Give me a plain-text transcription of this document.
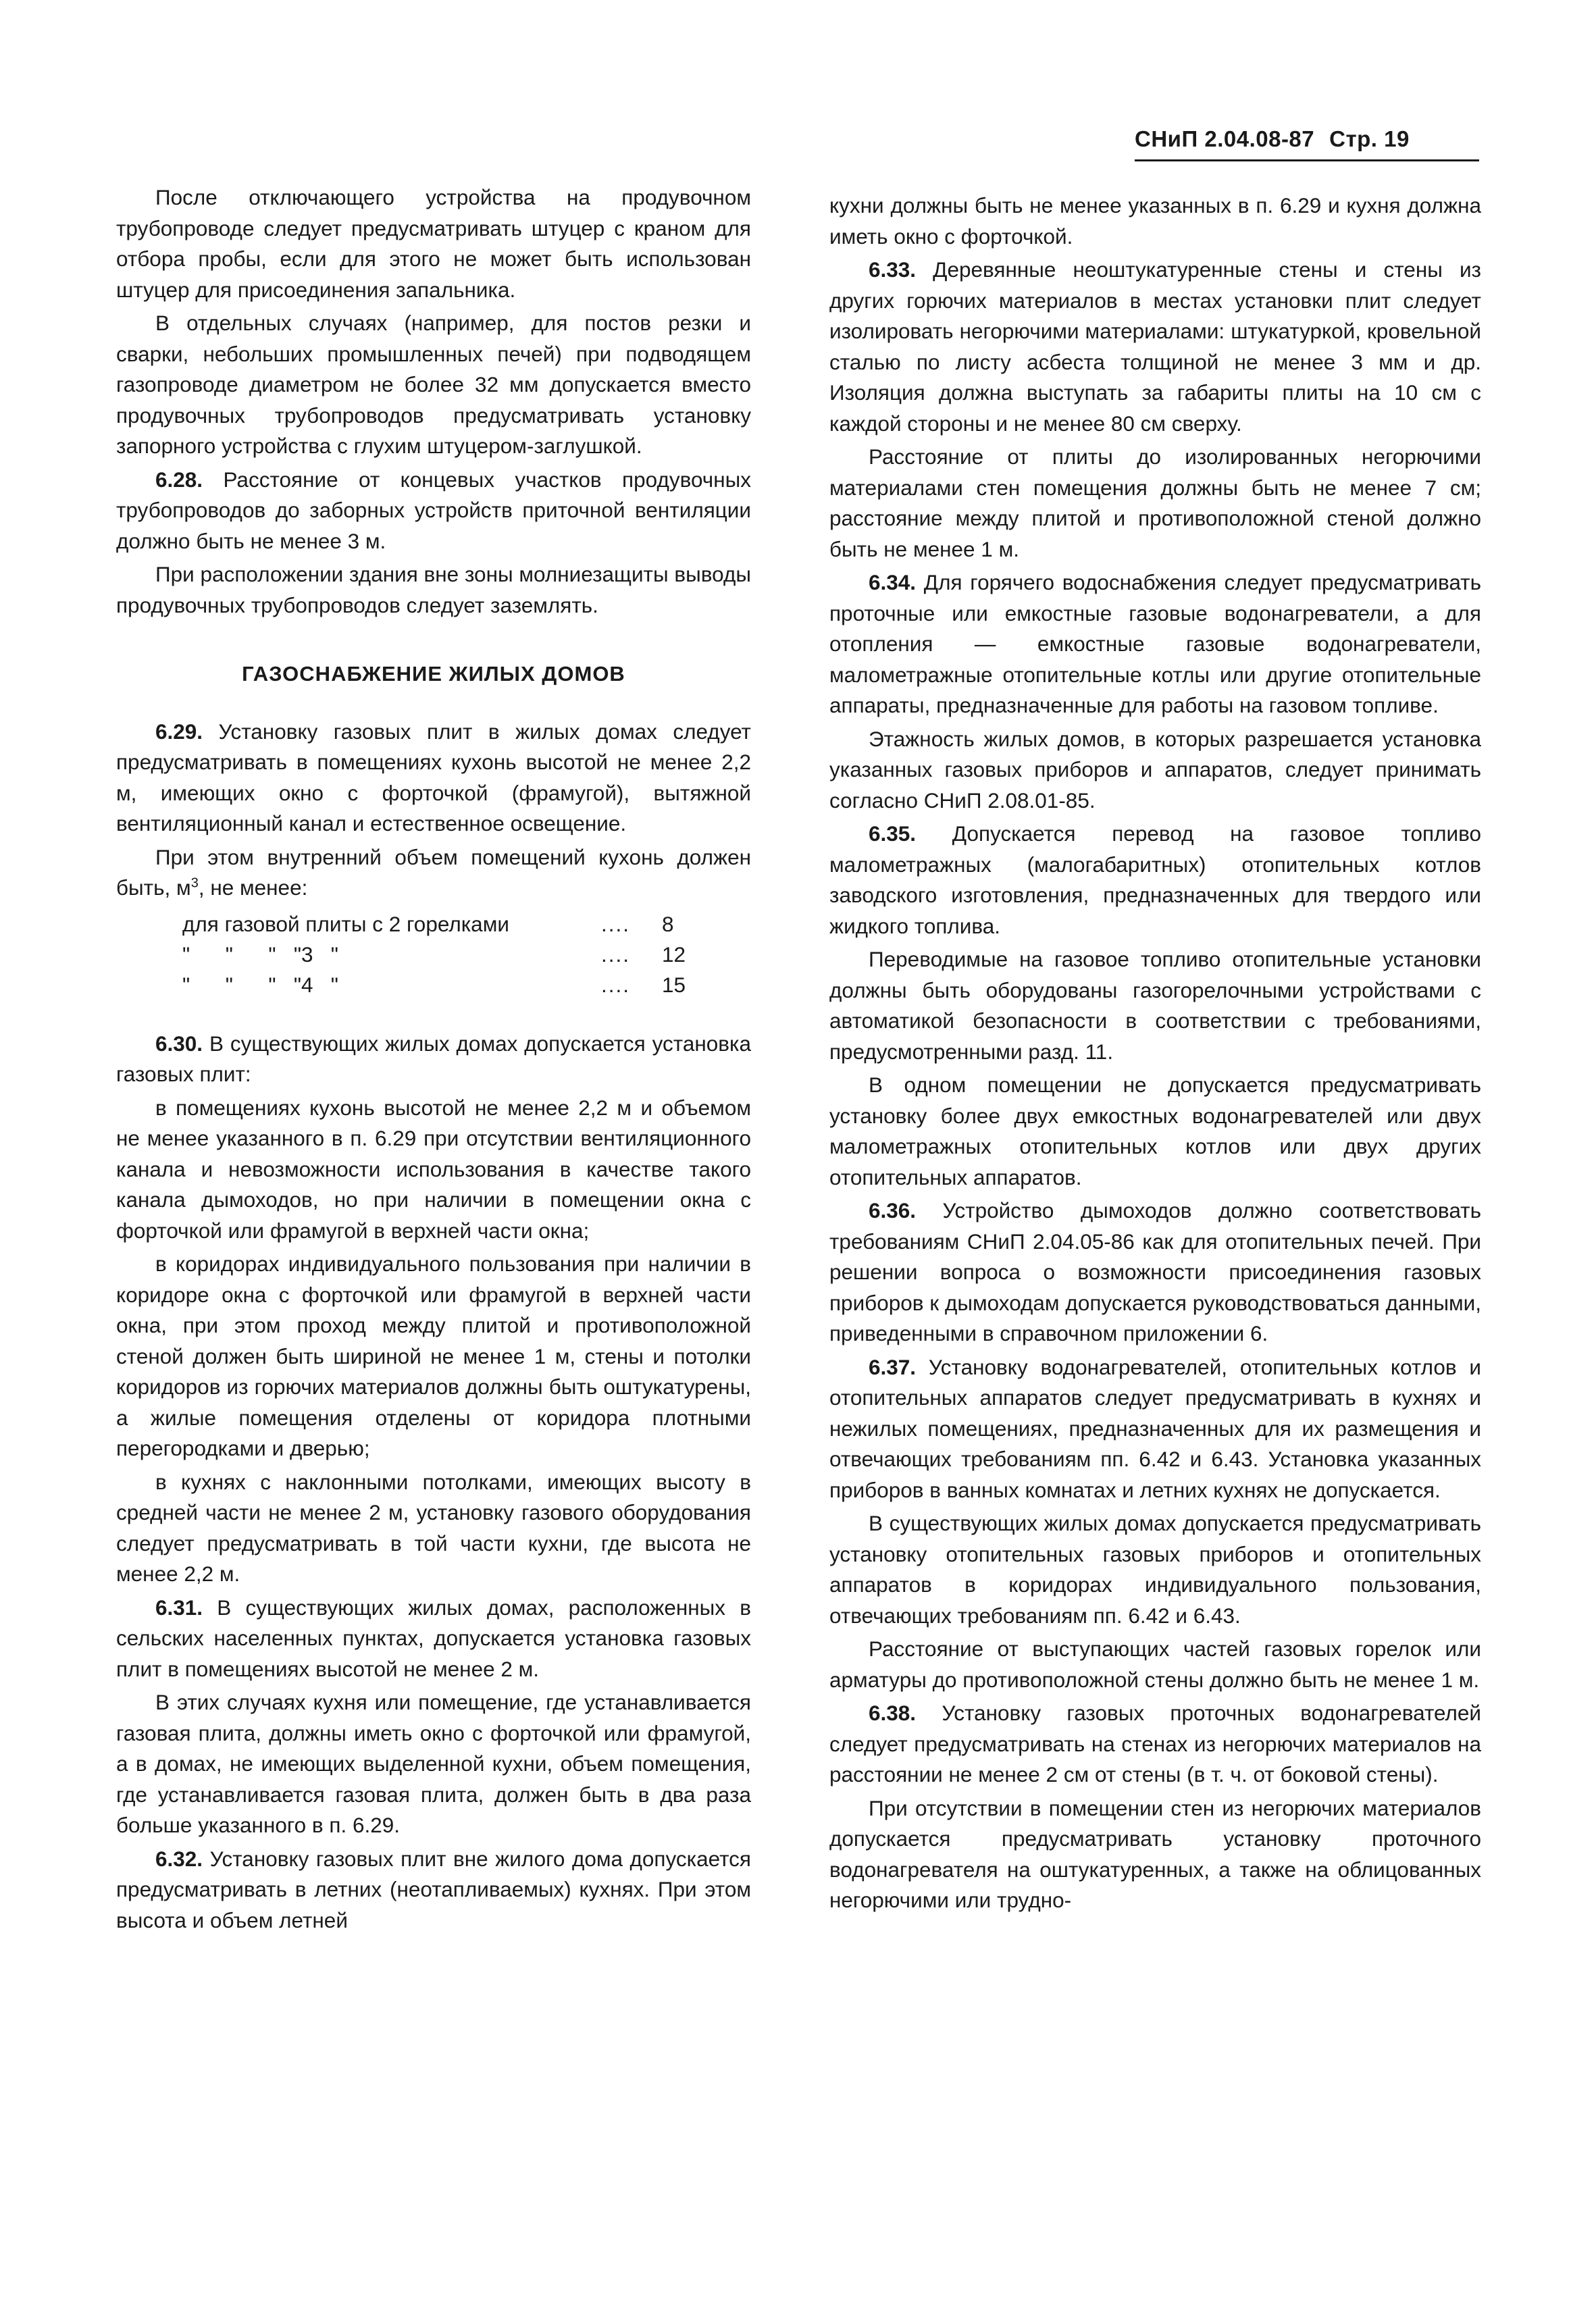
СНиП 2.04.08-87 Стр. 19

После отключающего устройства на продувочном трубопроводе следует предусматривать штуцер с краном для отбора пробы, если для этого не может быть использован штуцер для присоединения запальника.

В отдельных случаях (например, для постов резки и сварки, небольших промышленных печей) при подводящем газопроводе диаметром не более 32 мм допускается вместо продувочных трубопроводов предусматривать установку запорного устройства с глухим штуцером-заглушкой.

6.28. Расстояние от концевых участков продувочных трубопроводов до заборных устройств приточной вентиляции должно быть не менее 3 м.

При расположении здания вне зоны молниезащиты выводы продувочных трубопроводов следует заземлять.

ГАЗОСНАБЖЕНИЕ ЖИЛЫХ ДОМОВ

6.29. Установку газовых плит в жилых домах следует предусматривать в помещениях кухонь высотой не менее 2,2 м, имеющих окно с форточкой (фрамугой), вытяжной вентиляционный канал и естественное освещение.

При этом внутренний объем помещений кухонь должен быть, $м^3$, не менее:

для газовой плиты с 2 горелками	....	8
"      "      "   "3   "	....	12
"      "      "   "4   "	....	15

6.30. В существующих жилых домах допускается установка газовых плит:

в помещениях кухонь высотой не менее 2,2 м и объемом не менее указанного в п. 6.29 при отсутствии вентиляционного канала и невозможности использования в качестве такого канала дымоходов, но при наличии в помещении окна с форточкой или фрамугой в верхней части окна;

в коридорах индивидуального пользования при наличии в коридоре окна с форточкой или фрамугой в верхней части окна, при этом проход между плитой и противоположной стеной должен быть шириной не менее 1 м, стены и потолки коридоров из горючих материалов должны быть оштукатурены, а жилые помещения отделены от коридора плотными перегородками и дверью;

в кухнях с наклонными потолками, имеющих высоту в средней части не менее 2 м, установку газового оборудования следует предусматривать в той части кухни, где высота не менее 2,2 м.

6.31. В существующих жилых домах, расположенных в сельских населенных пунктах, допускается установка газовых плит в помещениях высотой не менее 2 м.

В этих случаях кухня или помещение, где устанавливается газовая плита, должны иметь окно с форточкой или фрамугой, а в домах, не имеющих выделенной кухни, объем помещения, где устанавливается газовая плита, должен быть в два раза больше указанного в п. 6.29.

6.32. Установку газовых плит вне жилого дома допускается предусматривать в летних (неотапливаемых) кухнях. При этом высота и объем летней

кухни должны быть не менее указанных в п. 6.29 и кухня должна иметь окно с форточкой.

6.33. Деревянные неоштукатуренные стены и стены из других горючих материалов в местах установки плит следует изолировать негорючими материалами: штукатуркой, кровельной сталью по листу асбеста толщиной не менее 3 мм и др. Изоляция должна выступать за габариты плиты на 10 см с каждой стороны и не менее 80 см сверху.

Расстояние от плиты до изолированных негорючими материалами стен помещения должны быть не менее 7 см; расстояние между плитой и противоположной стеной должно быть не менее 1 м.

6.34. Для горячего водоснабжения следует предусматривать проточные или емкостные газовые водонагреватели, а для отопления — емкостные газовые водонагреватели, малометражные отопительные котлы или другие отопительные аппараты, предназначенные для работы на газовом топливе.

Этажность жилых домов, в которых разрешается установка указанных газовых приборов и аппаратов, следует принимать согласно СНиП 2.08.01-85.

6.35. Допускается перевод на газовое топливо малометражных (малогабаритных) отопительных котлов заводского изготовления, предназначенных для твердого или жидкого топлива.

Переводимые на газовое топливо отопительные установки должны быть оборудованы газогорелочными устройствами с автоматикой безопасности в соответствии с требованиями, предусмотренными разд. 11.

В одном помещении не допускается предусматривать установку более двух емкостных водонагревателей или двух малометражных отопительных котлов или двух других отопительных аппаратов.

6.36. Устройство дымоходов должно соответствовать требованиям СНиП 2.04.05-86 как для отопительных печей. При решении вопроса о возможности присоединения газовых приборов к дымоходам допускается руководствоваться данными, приведенными в справочном приложении 6.

6.37. Установку водонагревателей, отопительных котлов и отопительных аппаратов следует предусматривать в кухнях и нежилых помещениях, предназначенных для их размещения и отвечающих требованиям пп. 6.42 и 6.43. Установка указанных приборов в ванных комнатах и летних кухнях не допускается.

В существующих жилых домах допускается предусматривать установку отопительных газовых приборов и отопительных аппаратов в коридорах индивидуального пользования, отвечающих требованиям пп. 6.42 и 6.43.

Расстояние от выступающих частей газовых горелок или арматуры до противоположной стены должно быть не менее 1 м.

6.38. Установку газовых проточных водонагревателей следует предусматривать на стенах из негорючих материалов на расстоянии не менее 2 см от стены (в т. ч. от боковой стены).

При отсутствии в помещении стен из негорючих материалов допускается предусматривать установку проточного водонагревателя на оштукатуренных, а также на облицованных негорючими или трудно-
